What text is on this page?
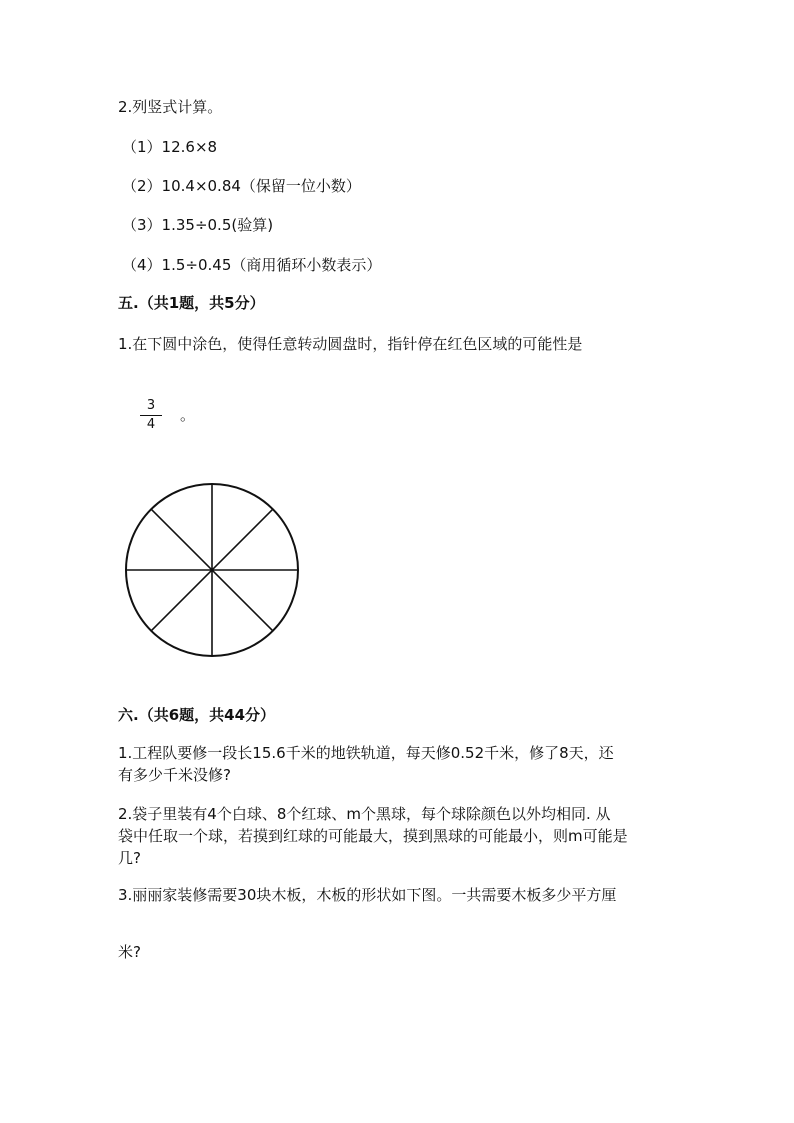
2.列竖式计算。
（1）12.6×8
（2）10.4×0.84（保留一位小数）
（3）1.35÷0.5(验算)
（4）1.5÷0.45（商用循环小数表示）
五.（共1题，共5分）
1.在下圆中涂色，使得任意转动圆盘时，指针停在红色区域的可能性是
$\frac{3}{4}$ 。
六.（共6题，共44分）
1.工程队要修一段长15.6千米的地铁轨道，每天修0.52千米，修了8天，还
有多少千米没修?
2.袋子里装有4个白球、8个红球、m个黑球，每个球除颜色以外均相同. 从
袋中任取一个球，若摸到红球的可能最大，摸到黑球的可能最小，则m可能是
几?
3.丽丽家装修需要30块木板，木板的形状如下图。一共需要木板多少平方厘
米?
